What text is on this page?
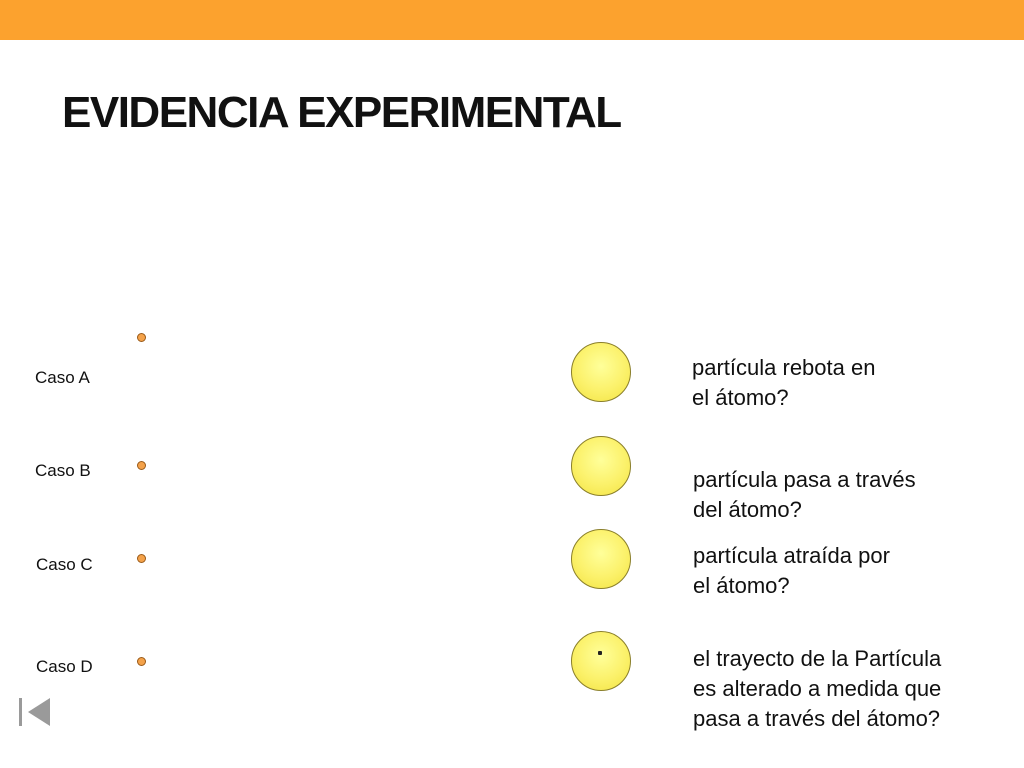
EVIDENCIA EXPERIMENTAL
Caso A
Caso B
Caso C
Caso D
partícula rebota en
el átomo?
partícula pasa a través
del átomo?
partícula atraída por
el átomo?
el trayecto de la Partícula
es alterado a medida que
pasa a través del átomo?
